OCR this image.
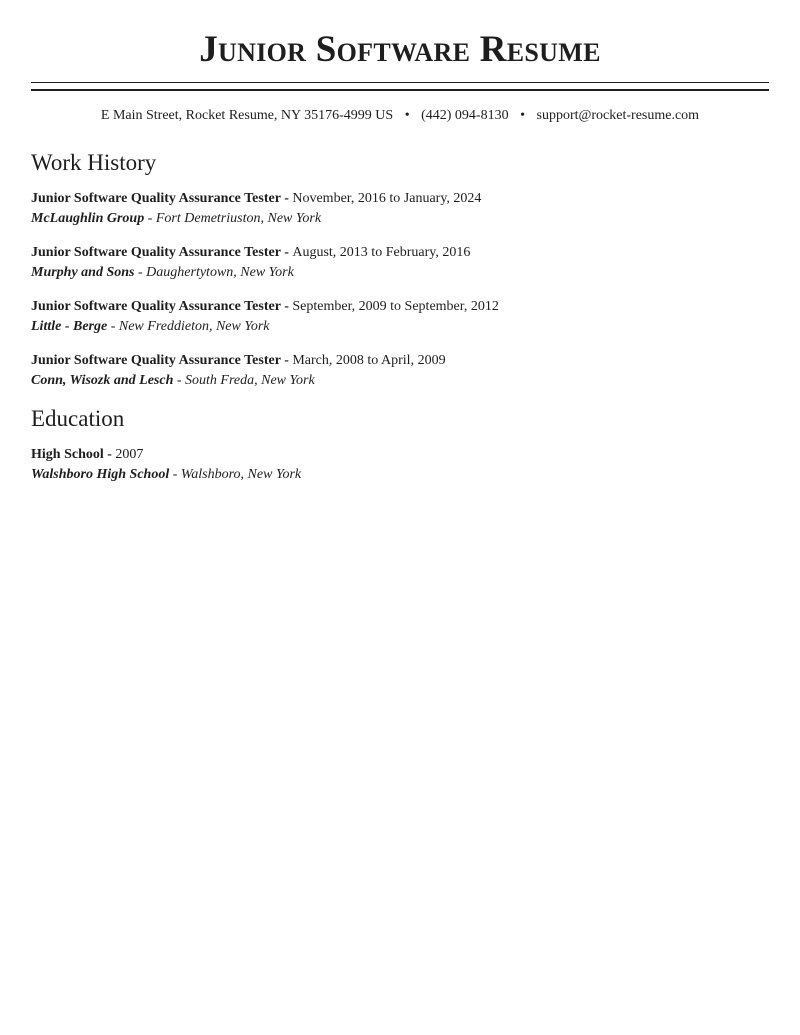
Junior Software Resume
E Main Street, Rocket Resume, NY 35176-4999 US • (442) 094-8130 • support@rocket-resume.com
Work History
Junior Software Quality Assurance Tester - November, 2016 to January, 2024
McLaughlin Group - Fort Demetriuston, New York
Junior Software Quality Assurance Tester - August, 2013 to February, 2016
Murphy and Sons - Daughertytown, New York
Junior Software Quality Assurance Tester - September, 2009 to September, 2012
Little - Berge - New Freddieton, New York
Junior Software Quality Assurance Tester - March, 2008 to April, 2009
Conn, Wisozk and Lesch - South Freda, New York
Education
High School - 2007
Walshboro High School - Walshboro, New York
